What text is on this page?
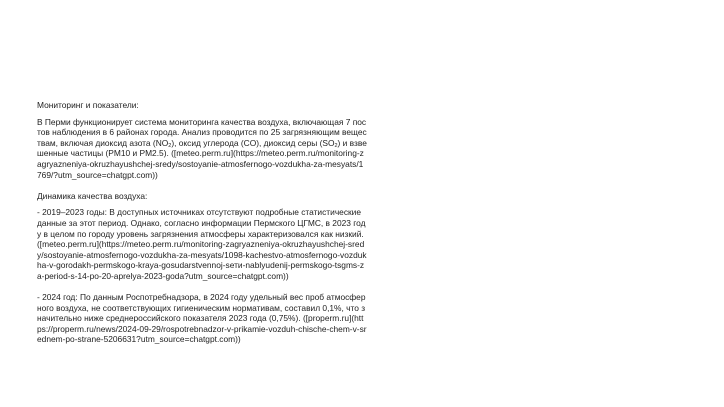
Мониторинг и показатели:

В Перми функционирует система мониторинга качества воздуха, включающая 7 постов наблюдения в 6 районах города. Анализ проводится по 25 загрязняющим веществам, включая диоксид азота $(NO_2)$, оксид углерода (CO), диоксид серы $(SO_2)$ и взвешенные частицы (PM10 и PM2.5). ([meteo.perm.ru](https://meteo.perm.ru/monitoring-zagryazneniya-okruzhayushchej-sredy/sostoyanie-atmosfernogo-vozdukha-za-mesyats/1769/?utm_source=chatgpt.com))

Динамика качества воздуха:

- 2019–2023 годы: В доступных источниках отсутствуют подробные статистические данные за этот период. Однако, согласно информации Пермского ЦГМС, в 2023 году в целом по городу уровень загрязнения атмосферы характеризовался как низкий. ([meteo.perm.ru](https://meteo.perm.ru/monitoring-zagryazneniya-okruzhayushchej-sredy/sostoyanie-atmosfernogo-vozdukha-za-mesyats/1098-kachestvo-atmosfernogo-vozdukha-v-gorodakh-permskogo-kraya-gosudarstvennoj-sети-nablyudenij-permskogo-tsgms-za-period-s-14-po-20-aprelya-2023-goda?utm_source=chatgpt.com))

- 2024 год: По данным Роспотребнадзора, в 2024 году удельный вес проб атмосферного воздуха, не соответствующих гигиеническим нормативам, составил 0,1%, что значительно ниже среднероссийского показателя 2023 года (0,75%). ([properm.ru](https://properm.ru/news/2024-09-29/rospotrebnadzor-v-prikamie-vozduh-chische-chem-v-srednem-po-strane-5206631?utm_source=chatgpt.com))
